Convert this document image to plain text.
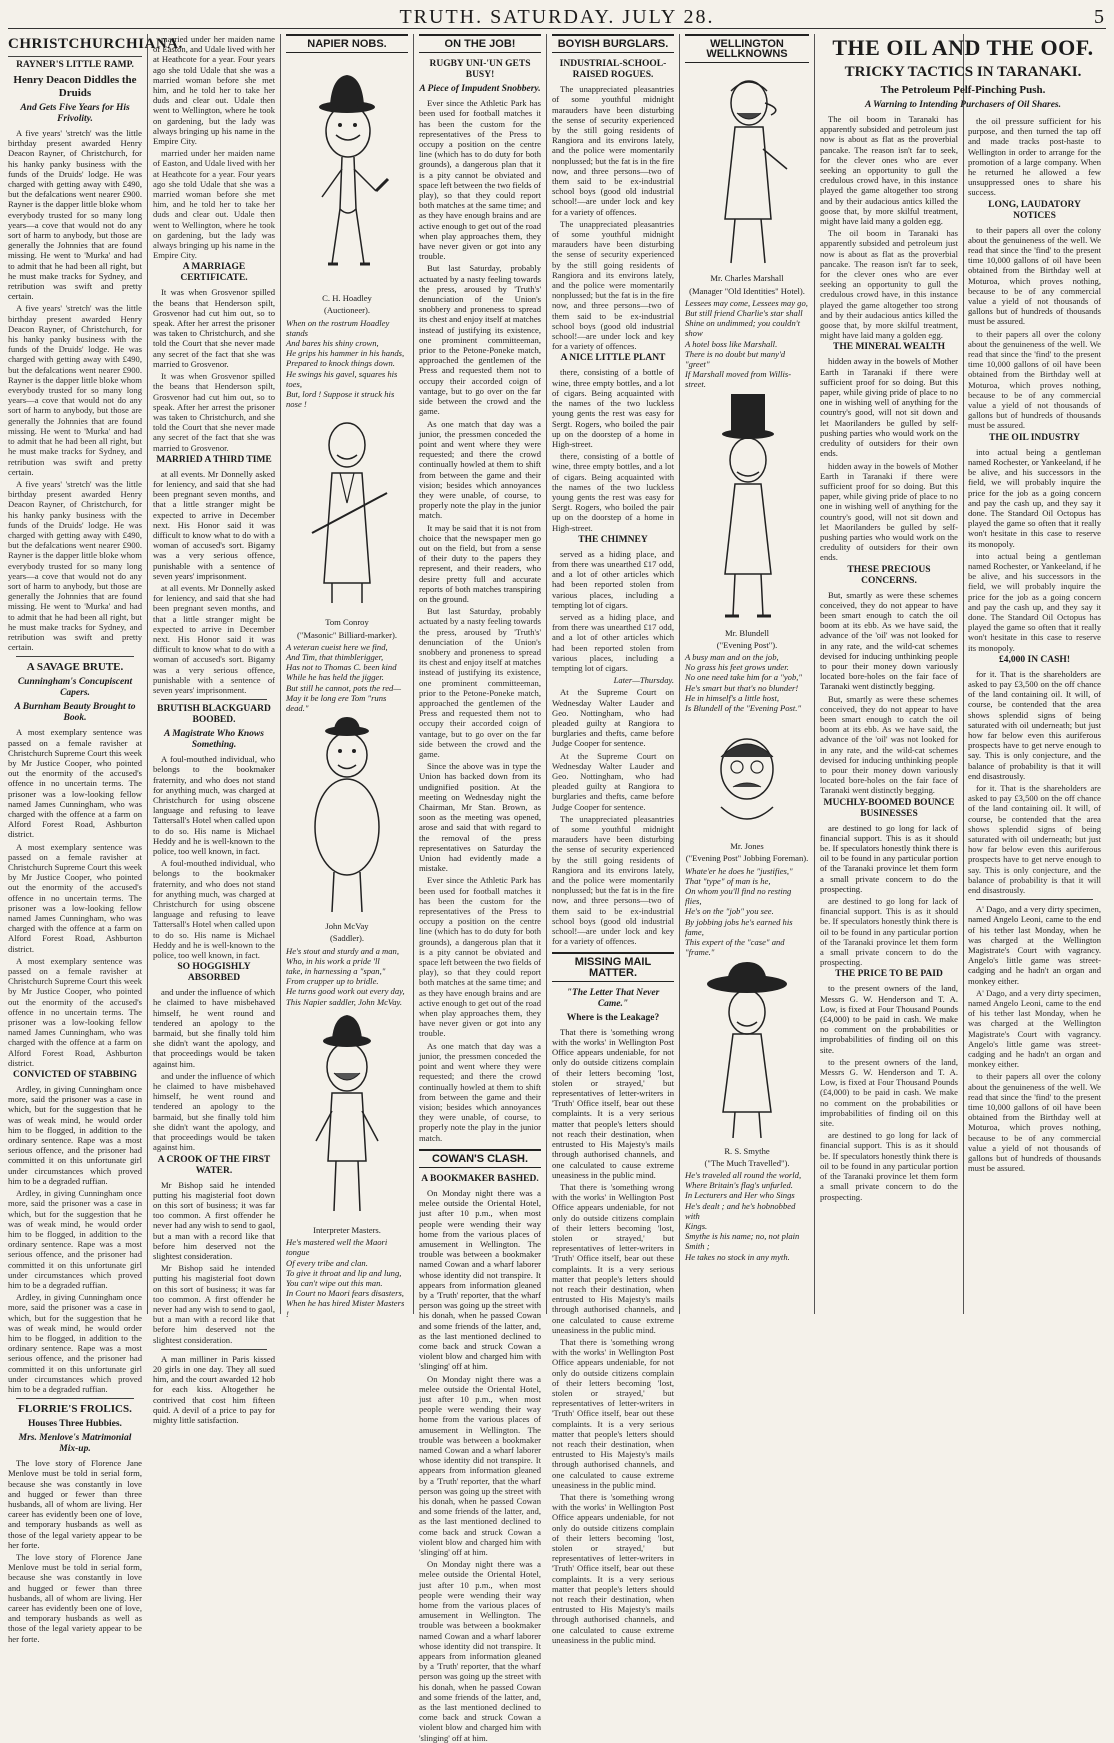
TRUTH. SATURDAY. JULY 28.	5
CHRISTCHURCHIANA.
RAYNER'S LITTLE RAMP.
Henry Deacon Diddles the Druids
And Gets Five Years for His Frivolity.

A five years' 'stretch' was the little birthday present awarded Henry Deacon Rayner, of Christchurch, for his hanky panky business with the funds of the Druids' lodge. He was charged with getting away with £490, but the defalcations went nearer £900. Rayner is the dapper little bloke whom everybody trusted for so many long years—a cove that would not do any sort of harm to anybody, but those are generally the Johnnies that are found missing. He went to 'Murka' and had to admit that he had been all right, but he must make tracks for Sydney, and retribution was swift and pretty certain.

A five years' 'stretch' was the little birthday present awarded Henry Deacon Rayner, of Christchurch, for his hanky panky business with the funds of the Druids' lodge. He was charged with getting away with £490, but the defalcations went nearer £900. Rayner is the dapper little bloke whom everybody trusted for so many long years—a cove that would not do any sort of harm to anybody, but those are generally the Johnnies that are found missing. He went to 'Murka' and had to admit that he had been all right, but he must make tracks for Sydney, and retribution was swift and pretty certain.

A five years' 'stretch' was the little birthday present awarded Henry Deacon Rayner, of Christchurch, for his hanky panky business with the funds of the Druids' lodge. He was charged with getting away with £490, but the defalcations went nearer £900. Rayner is the dapper little bloke whom everybody trusted for so many long years—a cove that would not do any sort of harm to anybody, but those are generally the Johnnies that are found missing. He went to 'Murka' and had to admit that he had been all right, but he must make tracks for Sydney, and retribution was swift and pretty certain.

A SAVAGE BRUTE.
Cunningham's Concupiscent Capers.
A Burnham Beauty Brought to Book.

A most exemplary sentence was passed on a female ravisher at Christchurch Supreme Court this week by Mr Justice Cooper, who pointed out the enormity of the accused's offence in no uncertain terms. The prisoner was a low-looking fellow named James Cunningham, who was charged with the offence at a farm on Alford Forest Road, Ashburton district.

A most exemplary sentence was passed on a female ravisher at Christchurch Supreme Court this week by Mr Justice Cooper, who pointed out the enormity of the accused's offence in no uncertain terms. The prisoner was a low-looking fellow named James Cunningham, who was charged with the offence at a farm on Alford Forest Road, Ashburton district.

A most exemplary sentence was passed on a female ravisher at Christchurch Supreme Court this week by Mr Justice Cooper, who pointed out the enormity of the accused's offence in no uncertain terms. The prisoner was a low-looking fellow named James Cunningham, who was charged with the offence at a farm on Alford Forest Road, Ashburton district.

CONVICTED OF STABBING

Ardley, in giving Cunningham once more, said the prisoner was a case in which, but for the suggestion that he was of weak mind, he would order him to be flogged, in addition to the ordinary sentence. Rape was a most serious offence, and the prisoner had committed it on this unfortunate girl under circumstances which proved him to be a degraded ruffian.

Ardley, in giving Cunningham once more, said the prisoner was a case in which, but for the suggestion that he was of weak mind, he would order him to be flogged, in addition to the ordinary sentence. Rape was a most serious offence, and the prisoner had committed it on this unfortunate girl under circumstances which proved him to be a degraded ruffian.

Ardley, in giving Cunningham once more, said the prisoner was a case in which, but for the suggestion that he was of weak mind, he would order him to be flogged, in addition to the ordinary sentence. Rape was a most serious offence, and the prisoner had committed it on this unfortunate girl under circumstances which proved him to be a degraded ruffian.

FLORRIE'S FROLICS.
Houses Three Hubbies.
Mrs. Menlove's Matrimonial Mix-up.

The love story of Florence Jane Menlove must be told in serial form, because she was constantly in love and hugged or fewer than three husbands, all of whom are living. Her career has evidently been one of love, and temporary husbands as well as those of the legal variety appear to be her forte.

The love story of Florence Jane Menlove must be told in serial form, because she was constantly in love and hugged or fewer than three husbands, all of whom are living. Her career has evidently been one of love, and temporary husbands as well as those of the legal variety appear to be her forte.

married under her maiden name of Easton, and Udale lived with her at Heathcote for a year. Four years ago she told Udale that she was a married woman before she met him, and he told her to take her duds and clear out. Udale then went to Wellington, where he took on gardening, but the lady was always bringing up his name in the Empire City.

married under her maiden name of Easton, and Udale lived with her at Heathcote for a year. Four years ago she told Udale that she was a married woman before she met him, and he told her to take her duds and clear out. Udale then went to Wellington, where he took on gardening, but the lady was always bringing up his name in the Empire City.

A MARRIAGE CERTIFICATE.

It was when Grosvenor spilled the beans that Henderson spilt, Grosvenor had cut him out, so to speak. After her arrest the prisoner was taken to Christchurch, and she told the Court that she never made any secret of the fact that she was married to Grosvenor.

It was when Grosvenor spilled the beans that Henderson spilt, Grosvenor had cut him out, so to speak. After her arrest the prisoner was taken to Christchurch, and she told the Court that she never made any secret of the fact that she was married to Grosvenor.

MARRIED A THIRD TIME

at all events. Mr Donnelly asked for leniency, and said that she had been pregnant seven months, and that a little stranger might be expected to arrive in December next. His Honor said it was difficult to know what to do with a woman of accused's sort. Bigamy was a very serious offence, punishable with a sentence of seven years' imprisonment.

at all events. Mr Donnelly asked for leniency, and said that she had been pregnant seven months, and that a little stranger might be expected to arrive in December next. His Honor said it was difficult to know what to do with a woman of accused's sort. Bigamy was a very serious offence, punishable with a sentence of seven years' imprisonment.

BRUTISH BLACKGUARD BOOBED.
A Magistrate Who Knows Something.

A foul-mouthed individual, who belongs to the bookmaker fraternity, and who does not stand for anything much, was charged at Christchurch for using obscene language and refusing to leave Tattersall's Hotel when called upon to do so. His name is Michael Heddy and he is well-known to the police, too well known, in fact.

A foul-mouthed individual, who belongs to the bookmaker fraternity, and who does not stand for anything much, was charged at Christchurch for using obscene language and refusing to leave Tattersall's Hotel when called upon to do so. His name is Michael Heddy and he is well-known to the police, too well known, in fact.

SO HOGGISHLY ABSORBED

and under the influence of which he claimed to have misbehaved himself, he went round and tendered an apology to the barmaid, but she finally told him she didn't want the apology, and that proceedings would be taken against him.

and under the influence of which he claimed to have misbehaved himself, he went round and tendered an apology to the barmaid, but she finally told him she didn't want the apology, and that proceedings would be taken against him.

A CROOK OF THE FIRST WATER.

Mr Bishop said he intended putting his magisterial foot down on this sort of business; it was far too common. A first offender he never had any wish to send to gaol, but a man with a record like that before him deserved not the slightest consideration.

Mr Bishop said he intended putting his magisterial foot down on this sort of business; it was far too common. A first offender he never had any wish to send to gaol, but a man with a record like that before him deserved not the slightest consideration.

A man milliner in Paris kissed 20 girls in one day. They all sued him, and the court awarded 12 hob for each kiss. Altogether he contrived that cost him fifteen quid. A devil of a price to pay for mighty little satisfaction.

NAPIER NOBS.
C. H. Hoadley
(Auctioneer).

When on the rostrum Hoadley stands

And bares his shiny crown,

He grips his hammer in his hands,

Prepared to knock things down.

He swings his gavel, squares his toes,

But, lord ! Suppose it struck his nose !

Tom Conroy
("Masonic" Billiard-marker).

A veteran cueist here we find,

And Tim, that thimblerigger,

Has not to Thomas C. been kind

While he has held the jigger.

But still he cannot, pots the red—

May it be long ere Tom "runs dead."

John McVay
(Saddler).

He's stout and sturdy and a man,

Who, in his work a pride 'll

take, in harnessing a "span,"

From crupper up to bridle.

He turns good work out every day,

This Napier saddler, John McVay.

Interpreter Masters.

He's mastered well the Maori tongue

Of every tribe and clan.

To give it throat and lip and lung,

You can't wipe out this man.

In Court no Maori fears disasters,

When he has hired Mister Masters !

ON THE JOB!
RUGBY UNI-'UN GETS BUSY!
A Piece of Impudent Snobbery.

Ever since the Athletic Park has been used for football matches it has been the custom for the representatives of the Press to occupy a position on the centre line (which has to do duty for both grounds), a dangerous plan that it is a pity cannot be obviated and space left between the two fields of play), so that they could report both matches at the same time; and as they have enough brains and are active enough to get out of the road when play approaches them, they have never given or got into any trouble.

But last Saturday, probably actuated by a nasty feeling towards the press, aroused by 'Truth's' denunciation of the Union's snobbery and proneness to spread its chest and enjoy itself at matches instead of justifying its existence, one prominent committeeman, prior to the Petone-Poneke match, approached the gentlemen of the Press and requested them not to occupy their accorded coign of vantage, but to go over on the far side between the crowd and the game.

As one match that day was a junior, the pressmen conceded the point and went where they were requested; and there the crowd continually howled at them to shift from between the game and their vision; besides which annoyances they were unable, of course, to properly note the play in the junior match.

It may be said that it is not from choice that the newspaper men go out on the field, but from a sense of their duty to the papers they represent, and their readers, who desire pretty full and accurate reports of both matches transpiring on the ground.

But last Saturday, probably actuated by a nasty feeling towards the press, aroused by 'Truth's' denunciation of the Union's snobbery and proneness to spread its chest and enjoy itself at matches instead of justifying its existence, one prominent committeeman, prior to the Petone-Poneke match, approached the gentlemen of the Press and requested them not to occupy their accorded coign of vantage, but to go over on the far side between the crowd and the game.

Since the above was in type the Union has backed down from its undignified position. At the meeting on Wednesday night the Chairman, Mr Stan. Brown, as soon as the meeting was opened, arose and said that with regard to the removal of the press representatives on Saturday the Union had evidently made a mistake.

Ever since the Athletic Park has been used for football matches it has been the custom for the representatives of the Press to occupy a position on the centre line (which has to do duty for both grounds), a dangerous plan that it is a pity cannot be obviated and space left between the two fields of play), so that they could report both matches at the same time; and as they have enough brains and are active enough to get out of the road when play approaches them, they have never given or got into any trouble.

As one match that day was a junior, the pressmen conceded the point and went where they were requested; and there the crowd continually howled at them to shift from between the game and their vision; besides which annoyances they were unable, of course, to properly note the play in the junior match.

COWAN'S CLASH.
A BOOKMAKER BASHED.

On Monday night there was a melee outside the Oriental Hotel, just after 10 p.m., when most people were wending their way home from the various places of amusement in Wellington. The trouble was between a bookmaker named Cowan and a wharf laborer whose identity did not transpire. It appears from information gleaned by a 'Truth' reporter, that the wharf person was going up the street with his donah, when he passed Cowan and some friends of the latter, and, as the last mentioned declined to come back and struck Cowan a violent blow and charged him with 'slinging' off at him.

On Monday night there was a melee outside the Oriental Hotel, just after 10 p.m., when most people were wending their way home from the various places of amusement in Wellington. The trouble was between a bookmaker named Cowan and a wharf laborer whose identity did not transpire. It appears from information gleaned by a 'Truth' reporter, that the wharf person was going up the street with his donah, when he passed Cowan and some friends of the latter, and, as the last mentioned declined to come back and struck Cowan a violent blow and charged him with 'slinging' off at him.

On Monday night there was a melee outside the Oriental Hotel, just after 10 p.m., when most people were wending their way home from the various places of amusement in Wellington. The trouble was between a bookmaker named Cowan and a wharf laborer whose identity did not transpire. It appears from information gleaned by a 'Truth' reporter, that the wharf person was going up the street with his donah, when he passed Cowan and some friends of the latter, and, as the last mentioned declined to come back and struck Cowan a violent blow and charged him with 'slinging' off at him.

BOYISH BURGLARS.
INDUSTRIAL-SCHOOL-RAISED ROGUES.

The unappreciated pleasantries of some youthful midnight marauders have been disturbing the sense of security experienced by the still going residents of Rangiora and its environs lately, and the police were momentarily nonplussed; but the fat is in the fire now, and three persons—two of them said to be ex-industrial school boys (good old industrial school!—are under lock and key for a variety of offences.

The unappreciated pleasantries of some youthful midnight marauders have been disturbing the sense of security experienced by the still going residents of Rangiora and its environs lately, and the police were momentarily nonplussed; but the fat is in the fire now, and three persons—two of them said to be ex-industrial school boys (good old industrial school!—are under lock and key for a variety of offences.

A NICE LITTLE PLANT

there, consisting of a bottle of wine, three empty bottles, and a lot of cigars. Being acquainted with the names of the two luckless young gents the rest was easy for Sergt. Rogers, who boiled the pair up on the doorstep of a home in High-street.

there, consisting of a bottle of wine, three empty bottles, and a lot of cigars. Being acquainted with the names of the two luckless young gents the rest was easy for Sergt. Rogers, who boiled the pair up on the doorstep of a home in High-street.

THE CHIMNEY

served as a hiding place, and from there was unearthed £17 odd, and a lot of other articles which had been reported stolen from various places, including a tempting lot of cigars.

served as a hiding place, and from there was unearthed £17 odd, and a lot of other articles which had been reported stolen from various places, including a tempting lot of cigars.

Later—Thursday.

At the Supreme Court on Wednesday Walter Lauder and Geo. Nottingham, who had pleaded guilty at Rangiora to burglaries and thefts, came before Judge Cooper for sentence.

At the Supreme Court on Wednesday Walter Lauder and Geo. Nottingham, who had pleaded guilty at Rangiora to burglaries and thefts, came before Judge Cooper for sentence.

The unappreciated pleasantries of some youthful midnight marauders have been disturbing the sense of security experienced by the still going residents of Rangiora and its environs lately, and the police were momentarily nonplussed; but the fat is in the fire now, and three persons—two of them said to be ex-industrial school boys (good old industrial school!—are under lock and key for a variety of offences.

MISSING MAIL MATTER.
"The Letter That Never Came."
Where is the Leakage?

That there is 'something wrong with the works' in Wellington Post Office appears undeniable, for not only do outside citizens complain of their letters becoming 'lost, stolen or strayed,' but representatives of letter-writers in 'Truth' Office itself, bear out these complaints. It is a very serious matter that people's letters should not reach their destination, when entrusted to His Majesty's mails through authorised channels, and one calculated to cause extreme uneasiness in the public mind.

That there is 'something wrong with the works' in Wellington Post Office appears undeniable, for not only do outside citizens complain of their letters becoming 'lost, stolen or strayed,' but representatives of letter-writers in 'Truth' Office itself, bear out these complaints. It is a very serious matter that people's letters should not reach their destination, when entrusted to His Majesty's mails through authorised channels, and one calculated to cause extreme uneasiness in the public mind.

That there is 'something wrong with the works' in Wellington Post Office appears undeniable, for not only do outside citizens complain of their letters becoming 'lost, stolen or strayed,' but representatives of letter-writers in 'Truth' Office itself, bear out these complaints. It is a very serious matter that people's letters should not reach their destination, when entrusted to His Majesty's mails through authorised channels, and one calculated to cause extreme uneasiness in the public mind.

That there is 'something wrong with the works' in Wellington Post Office appears undeniable, for not only do outside citizens complain of their letters becoming 'lost, stolen or strayed,' but representatives of letter-writers in 'Truth' Office itself, bear out these complaints. It is a very serious matter that people's letters should not reach their destination, when entrusted to His Majesty's mails through authorised channels, and one calculated to cause extreme uneasiness in the public mind.

WELLINGTON WELLKNOWNS
Mr. Charles Marshall
(Manager "Old Identities" Hotel).

Lessees may come, Lessees may go,

But still friend Charlie's star shall

Shine on undimmed; you couldn't

show

A hotel boss like Marshall.

There is no doubt but many'd "greet"

If Marshall moved from Willis-street.

Mr. Blundell
("Evening Post").

A busy man and on the job,

No grass his feet grows under.

No one need take him for a "yob,"

He's smart but that's no blunder!

He in himself's a little host,

Is Blundell of the "Evening Post."

Mr. Jones
("Evening Post" Jobbing Foreman).

Whate'er he does he "justifies,"

That "type" of man is he,

On whom you'll find no resting flies,

He's on the "job" you see.

By jobbing jobs he's earned his

fame,

This expert of the "case" and

"frame."

R. S. Smythe
("The Much Travelled").

He's traveled all round the world,

Where Britain's flag's unfurled.

In Lecturers and Her who Sings

He's dealt ; and he's hobnobbed with

Kings.

Smythe is his name; no, not plain

Smith ;

He takes no stock in any myth.

THE OIL AND THE OOF.
TRICKY TACTICS IN TARANAKI.
The Petroleum Pelf-Pinching Push.
A Warning to Intending Purchasers of Oil Shares.

The oil boom in Taranaki has apparently subsided and petroleum just now is about as flat as the proverbial pancake. The reason isn't far to seek, for the clever ones who are ever seeking an opportunity to gull the credulous crowd have, in this instance played the game altogether too strong and by their audacious antics killed the goose that, by more skilful treatment, might have laid many a golden egg.

The oil boom in Taranaki has apparently subsided and petroleum just now is about as flat as the proverbial pancake. The reason isn't far to seek, for the clever ones who are ever seeking an opportunity to gull the credulous crowd have, in this instance played the game altogether too strong and by their audacious antics killed the goose that, by more skilful treatment, might have laid many a golden egg.

THE MINERAL WEALTH

hidden away in the bowels of Mother Earth in Taranaki if there were sufficient proof for so doing. But this paper, while giving pride of place to no one in wishing well of anything for the country's good, will not sit down and let Maorilanders be gulled by self-pushing parties who would work on the credulity of outsiders for their own ends.

hidden away in the bowels of Mother Earth in Taranaki if there were sufficient proof for so doing. But this paper, while giving pride of place to no one in wishing well of anything for the country's good, will not sit down and let Maorilanders be gulled by self-pushing parties who would work on the credulity of outsiders for their own ends.

THESE PRECIOUS CONCERNS.

But, smartly as were these schemes conceived, they do not appear to have been smart enough to catch the oil boom at its ebb. As we have said, the advance of the 'oil' was not looked for in any rate, and the wild-cat schemes devised for inducing unthinking people to pour their money down variously located bore-holes on the fair face of Taranaki went distinctly begging.

But, smartly as were these schemes conceived, they do not appear to have been smart enough to catch the oil boom at its ebb. As we have said, the advance of the 'oil' was not looked for in any rate, and the wild-cat schemes devised for inducing unthinking people to pour their money down variously located bore-holes on the fair face of Taranaki went distinctly begging.

MUCHLY-BOOMED BOUNCE BUSINESSES

are destined to go long for lack of financial support. This is as it should be. If speculators honestly think there is oil to be found in any particular portion of the Taranaki province let them form a small private concern to do the prospecting.

are destined to go long for lack of financial support. This is as it should be. If speculators honestly think there is oil to be found in any particular portion of the Taranaki province let them form a small private concern to do the prospecting.

THE PRICE TO BE PAID

to the present owners of the land, Messrs G. W. Henderson and T. A. Low, is fixed at Four Thousand Pounds (£4,000) to be paid in cash. We make no comment on the probabilities or improbabilities of finding oil on this site.

to the present owners of the land, Messrs G. W. Henderson and T. A. Low, is fixed at Four Thousand Pounds (£4,000) to be paid in cash. We make no comment on the probabilities or improbabilities of finding oil on this site.

are destined to go long for lack of financial support. This is as it should be. If speculators honestly think there is oil to be found in any particular portion of the Taranaki province let them form a small private concern to do the prospecting.

the oil pressure sufficient for his purpose, and then turned the tap off and made tracks post-haste to Wellington in order to arrange for the promotion of a large company. When he returned he allowed a few unsuppressed ones to share his success.

LONG, LAUDATORY NOTICES

to their papers all over the colony about the genuineness of the well. We read that since the 'find' to the present time 10,000 gallons of oil have been obtained from the Birthday well at Moturoa, which proves nothing, because to be of any commercial value a yield of not thousands of gallons but of hundreds of thousands must be assured.

to their papers all over the colony about the genuineness of the well. We read that since the 'find' to the present time 10,000 gallons of oil have been obtained from the Birthday well at Moturoa, which proves nothing, because to be of any commercial value a yield of not thousands of gallons but of hundreds of thousands must be assured.

THE OIL INDUSTRY

into actual being a gentleman named Rochester, or Yankeeland, if he be alive, and his successors in the field, we will probably inquire the price for the job as a going concern and pay the cash up, and they say it done. The Standard Oil Octopus has played the game so often that it really won't hesitate in this case to reserve its monopoly.

into actual being a gentleman named Rochester, or Yankeeland, if he be alive, and his successors in the field, we will probably inquire the price for the job as a going concern and pay the cash up, and they say it done. The Standard Oil Octopus has played the game so often that it really won't hesitate in this case to reserve its monopoly.

£4,000 IN CASH!

for it. That is the shareholders are asked to pay £3,500 on the off chance of the land containing oil. It will, of course, be contended that the area shows splendid signs of being saturated with oil underneath; but just how far below even this auriferous prospects have to get nerve enough to say. This is only conjecture, and the balance of probability is that it will end disastrously.

for it. That is the shareholders are asked to pay £3,500 on the off chance of the land containing oil. It will, of course, be contended that the area shows splendid signs of being saturated with oil underneath; but just how far below even this auriferous prospects have to get nerve enough to say. This is only conjecture, and the balance of probability is that it will end disastrously.

A' Dago, and a very dirty specimen, named Angelo Leoni, came to the end of his tether last Monday, when he was charged at the Wellington Magistrate's Court with vagrancy. Angelo's little game was street-cadging and he hadn't an organ and monkey either.

A' Dago, and a very dirty specimen, named Angelo Leoni, came to the end of his tether last Monday, when he was charged at the Wellington Magistrate's Court with vagrancy. Angelo's little game was street-cadging and he hadn't an organ and monkey either.

to their papers all over the colony about the genuineness of the well. We read that since the 'find' to the present time 10,000 gallons of oil have been obtained from the Birthday well at Moturoa, which proves nothing, because to be of any commercial value a yield of not thousands of gallons but of hundreds of thousands must be assured.
